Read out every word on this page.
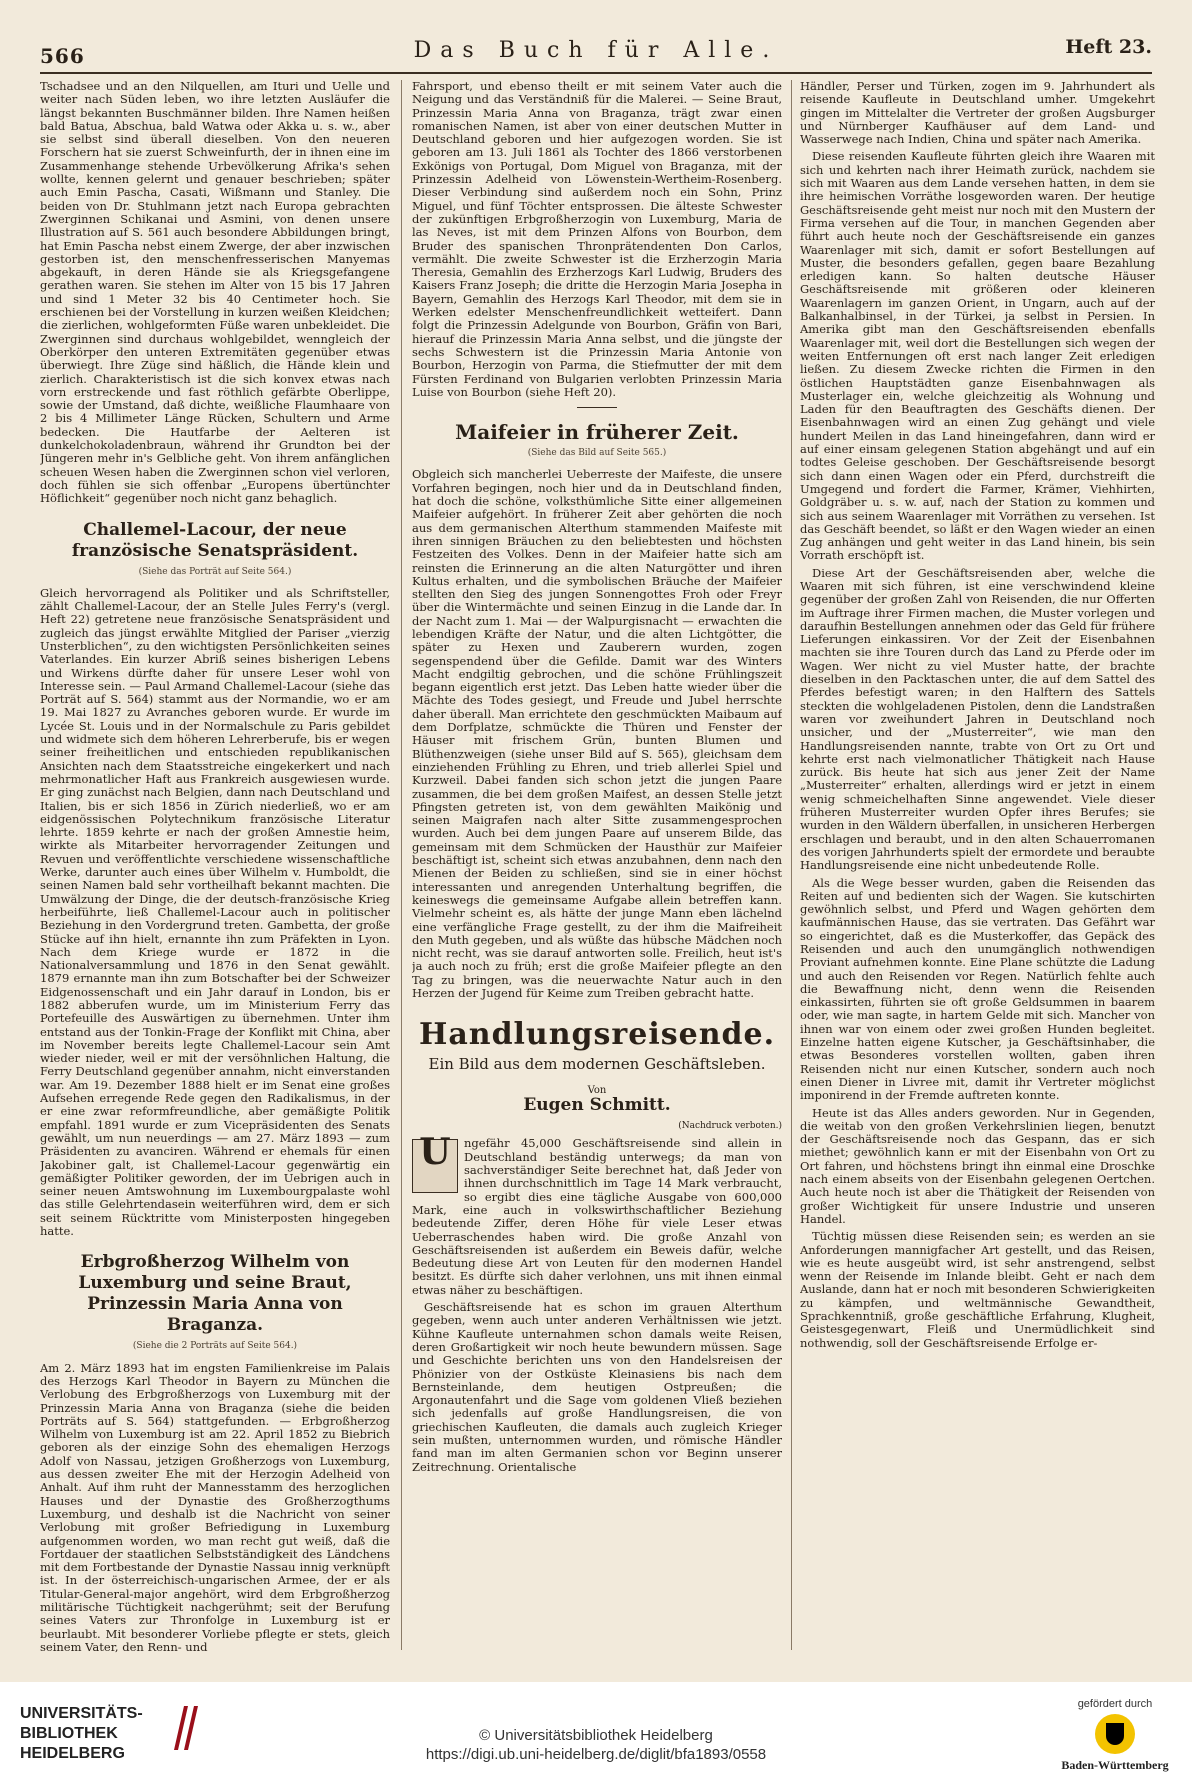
566	Das Buch für Alle.	Heft 23.

Tschadsee und an den Nilquellen, am Ituri und Uelle und weiter nach Süden leben, wo ihre letzten Ausläufer die längst bekannten Buschmänner bilden. Ihre Namen heißen bald Batua, Abschua, bald Watwa oder Akka u. s. w., aber sie selbst sind überall dieselben. Von den neueren Forschern hat sie zuerst Schweinfurth, der in ihnen eine im Zusammenhange stehende Urbevölkerung Afrika's sehen wollte, kennen gelernt und genauer beschrieben; später auch Emin Pascha, Casati, Wißmann und Stanley. Die beiden von Dr. Stuhlmann jetzt nach Europa gebrachten Zwerginnen Schikanai und Asmini, von denen unsere Illustration auf S. 561 auch besondere Abbildungen bringt, hat Emin Pascha nebst einem Zwerge, der aber inzwischen gestorben ist, den menschenfresserischen Manyemas abgekauft, in deren Hände sie als Kriegsgefangene gerathen waren. Sie stehen im Alter von 15 bis 17 Jahren und sind 1 Meter 32 bis 40 Centimeter hoch. Sie erschienen bei der Vorstellung in kurzen weißen Kleidchen; die zierlichen, wohlgeformten Füße waren unbekleidet. Die Zwerginnen sind durchaus wohlgebildet, wenngleich der Oberkörper den unteren Extremitäten gegenüber etwas überwiegt. Ihre Züge sind häßlich, die Hände klein und zierlich. Charakteristisch ist die sich konvex etwas nach vorn erstreckende und fast röthlich gefärbte Oberlippe, sowie der Umstand, daß dichte, weißliche Flaumhaare von 2 bis 4 Millimeter Länge Rücken, Schultern und Arme bedecken. Die Hautfarbe der Aelteren ist dunkelchokoladenbraun, während ihr Grundton bei der Jüngeren mehr in's Gelbliche geht. Von ihrem anfänglichen scheuen Wesen haben die Zwerginnen schon viel verloren, doch fühlen sie sich offenbar „Europens übertünchter Höflichkeit“ gegenüber noch nicht ganz behaglich.

Challemel-Lacour, der neue französische Senatspräsident.
(Siehe das Porträt auf Seite 564.)

Gleich hervorragend als Politiker und als Schriftsteller, zählt Challemel-Lacour, der an Stelle Jules Ferry's (vergl. Heft 22) getretene neue französische Senatspräsident und zugleich das jüngst erwählte Mitglied der Pariser „vierzig Unsterblichen“, zu den wichtigsten Persönlichkeiten seines Vaterlandes. Ein kurzer Abriß seines bisherigen Lebens und Wirkens dürfte daher für unsere Leser wohl von Interesse sein. — Paul Armand Challemel-Lacour (siehe das Porträt auf S. 564) stammt aus der Normandie, wo er am 19. Mai 1827 zu Avranches geboren wurde. Er wurde im Lycée St. Louis und in der Normalschule zu Paris gebildet und widmete sich dem höheren Lehrerberufe, bis er wegen seiner freiheitlichen und entschieden republikanischen Ansichten nach dem Staatsstreiche eingekerkert und nach mehrmonatlicher Haft aus Frankreich ausgewiesen wurde. Er ging zunächst nach Belgien, dann nach Deutschland und Italien, bis er sich 1856 in Zürich niederließ, wo er am eidgenössischen Polytechnikum französische Literatur lehrte. 1859 kehrte er nach der großen Amnestie heim, wirkte als Mitarbeiter hervorragender Zeitungen und Revuen und veröffentlichte verschiedene wissenschaftliche Werke, darunter auch eines über Wilhelm v. Humboldt, die seinen Namen bald sehr vortheilhaft bekannt machten. Die Umwälzung der Dinge, die der deutsch-französische Krieg herbeiführte, ließ Challemel-Lacour auch in politischer Beziehung in den Vordergrund treten. Gambetta, der große Stücke auf ihn hielt, ernannte ihn zum Präfekten in Lyon. Nach dem Kriege wurde er 1872 in die Nationalversammlung und 1876 in den Senat gewählt. 1879 ernannte man ihn zum Botschafter bei der Schweizer Eidgenossenschaft und ein Jahr darauf in London, bis er 1882 abberufen wurde, um im Ministerium Ferry das Portefeuille des Auswärtigen zu übernehmen. Unter ihm entstand aus der Tonkin-Frage der Konflikt mit China, aber im November bereits legte Challemel-Lacour sein Amt wieder nieder, weil er mit der versöhnlichen Haltung, die Ferry Deutschland gegenüber annahm, nicht einverstanden war. Am 19. Dezember 1888 hielt er im Senat eine großes Aufsehen erregende Rede gegen den Radikalismus, in der er eine zwar reformfreundliche, aber gemäßigte Politik empfahl. 1891 wurde er zum Vicepräsidenten des Senats gewählt, um nun neuerdings — am 27. März 1893 — zum Präsidenten zu avanciren. Während er ehemals für einen Jakobiner galt, ist Challemel-Lacour gegenwärtig ein gemäßigter Politiker geworden, der im Uebrigen auch in seiner neuen Amtswohnung im Luxembourgpalaste wohl das stille Gelehrtendasein weiterführen wird, dem er sich seit seinem Rücktritte vom Ministerposten hingegeben hatte.

Erbgroßherzog Wilhelm von Luxemburg und seine Braut, Prinzessin Maria Anna von Braganza.
(Siehe die 2 Porträts auf Seite 564.)

Am 2. März 1893 hat im engsten Familienkreise im Palais des Herzogs Karl Theodor in Bayern zu München die Verlobung des Erbgroßherzogs von Luxemburg mit der Prinzessin Maria Anna von Braganza (siehe die beiden Porträts auf S. 564) stattgefunden. — Erbgroßherzog Wilhelm von Luxemburg ist am 22. April 1852 zu Biebrich geboren als der einzige Sohn des ehemaligen Herzogs Adolf von Nassau, jetzigen Großherzogs von Luxemburg, aus dessen zweiter Ehe mit der Herzogin Adelheid von Anhalt. Auf ihm ruht der Mannesstamm des herzoglichen Hauses und der Dynastie des Großherzogthums Luxemburg, und deshalb ist die Nachricht von seiner Verlobung mit großer Befriedigung in Luxemburg aufgenommen worden, wo man recht gut weiß, daß die Fortdauer der staatlichen Selbstständigkeit des Ländchens mit dem Fortbestande der Dynastie Nassau innig verknüpft ist. In der österreichisch-ungarischen Armee, der er als Titular-General-major angehört, wird dem Erbgroßherzog militärische Tüchtigkeit nachgerühmt; seit der Berufung seines Vaters zur Thronfolge in Luxemburg ist er beurlaubt. Mit besonderer Vorliebe pflegte er stets, gleich seinem Vater, den Renn- und

Fahrsport, und ebenso theilt er mit seinem Vater auch die Neigung und das Verständniß für die Malerei. — Seine Braut, Prinzessin Maria Anna von Braganza, trägt zwar einen romanischen Namen, ist aber von einer deutschen Mutter in Deutschland geboren und hier aufgezogen worden. Sie ist geboren am 13. Juli 1861 als Tochter des 1866 verstorbenen Exkönigs von Portugal, Dom Miguel von Braganza, mit der Prinzessin Adelheid von Löwenstein-Wertheim-Rosenberg. Dieser Verbindung sind außerdem noch ein Sohn, Prinz Miguel, und fünf Töchter entsprossen. Die älteste Schwester der zukünftigen Erbgroßherzogin von Luxemburg, Maria de las Neves, ist mit dem Prinzen Alfons von Bourbon, dem Bruder des spanischen Thronprätendenten Don Carlos, vermählt. Die zweite Schwester ist die Erzherzogin Maria Theresia, Gemahlin des Erzherzogs Karl Ludwig, Bruders des Kaisers Franz Joseph; die dritte die Herzogin Maria Josepha in Bayern, Gemahlin des Herzogs Karl Theodor, mit dem sie in Werken edelster Menschenfreundlichkeit wetteifert. Dann folgt die Prinzessin Adelgunde von Bourbon, Gräfin von Bari, hierauf die Prinzessin Maria Anna selbst, und die jüngste der sechs Schwestern ist die Prinzessin Maria Antonie von Bourbon, Herzogin von Parma, die Stiefmutter der mit dem Fürsten Ferdinand von Bulgarien verlobten Prinzessin Maria Luise von Bourbon (siehe Heft 20).

Maifeier in früherer Zeit.
(Siehe das Bild auf Seite 565.)

Obgleich sich mancherlei Ueberreste der Maifeste, die unsere Vorfahren begingen, noch hier und da in Deutschland finden, hat doch die schöne, volksthümliche Sitte einer allgemeinen Maifeier aufgehört. In früherer Zeit aber gehörten die noch aus dem germanischen Alterthum stammenden Maifeste mit ihren sinnigen Bräuchen zu den beliebtesten und höchsten Festzeiten des Volkes. Denn in der Maifeier hatte sich am reinsten die Erinnerung an die alten Naturgötter und ihren Kultus erhalten, und die symbolischen Bräuche der Maifeier stellten den Sieg des jungen Sonnengottes Froh oder Freyr über die Wintermächte und seinen Einzug in die Lande dar. In der Nacht zum 1. Mai — der Walpurgisnacht — erwachten die lebendigen Kräfte der Natur, und die alten Lichtgötter, die später zu Hexen und Zauberern wurden, zogen segenspendend über die Gefilde. Damit war des Winters Macht endgiltig gebrochen, und die schöne Frühlingszeit begann eigentlich erst jetzt. Das Leben hatte wieder über die Mächte des Todes gesiegt, und Freude und Jubel herrschte daher überall. Man errichtete den geschmückten Maibaum auf dem Dorfplatze, schmückte die Thüren und Fenster der Häuser mit frischem Grün, bunten Blumen und Blüthenzweigen (siehe unser Bild auf S. 565), gleichsam dem einziehenden Frühling zu Ehren, und trieb allerlei Spiel und Kurzweil. Dabei fanden sich schon jetzt die jungen Paare zusammen, die bei dem großen Maifest, an dessen Stelle jetzt Pfingsten getreten ist, von dem gewählten Maikönig und seinen Maigrafen nach alter Sitte zusammengesprochen wurden. Auch bei dem jungen Paare auf unserem Bilde, das gemeinsam mit dem Schmücken der Hausthür zur Maifeier beschäftigt ist, scheint sich etwas anzubahnen, denn nach den Mienen der Beiden zu schließen, sind sie in einer höchst interessanten und anregenden Unterhaltung begriffen, die keineswegs die gemeinsame Aufgabe allein betreffen kann. Vielmehr scheint es, als hätte der junge Mann eben lächelnd eine verfängliche Frage gestellt, zu der ihm die Maifreiheit den Muth gegeben, und als wüßte das hübsche Mädchen noch nicht recht, was sie darauf antworten solle. Freilich, heut ist's ja auch noch zu früh; erst die große Maifeier pflegte an den Tag zu bringen, was die neuerwachte Natur auch in den Herzen der Jugend für Keime zum Treiben gebracht hatte.

Handlungsreisende.
Ein Bild aus dem modernen Geschäftsleben.
Von
Eugen Schmitt.
(Nachdruck verboten.)
U	ngefähr 45,000 Geschäftsreisende sind allein in Deutschland beständig unterwegs; da man von sachverständiger Seite berechnet hat, daß Jeder von ihnen durchschnittlich im Tage 14 Mark verbraucht, so ergibt dies eine tägliche Ausgabe von 600,000 Mark, eine auch in volkswirthschaftlicher Beziehung bedeutende Ziffer, deren Höhe für viele Leser etwas Ueberraschendes haben wird. Die große Anzahl von Geschäftsreisenden ist außerdem ein Beweis dafür, welche Bedeutung diese Art von Leuten für den modernen Handel besitzt. Es dürfte sich daher verlohnen, uns mit ihnen einmal etwas näher zu beschäftigen.

Geschäftsreisende hat es schon im grauen Alterthum gegeben, wenn auch unter anderen Verhältnissen wie jetzt. Kühne Kaufleute unternahmen schon damals weite Reisen, deren Großartigkeit wir noch heute bewundern müssen. Sage und Geschichte berichten uns von den Handelsreisen der Phönizier von der Ostküste Kleinasiens bis nach dem Bernsteinlande, dem heutigen Ostpreußen; die Argonautenfahrt und die Sage vom goldenen Vließ beziehen sich jedenfalls auf große Handlungsreisen, die von griechischen Kaufleuten, die damals auch zugleich Krieger sein mußten, unternommen wurden, und römische Händler fand man im alten Germanien schon vor Beginn unserer Zeitrechnung. Orientalische

Händler, Perser und Türken, zogen im 9. Jahrhundert als reisende Kaufleute in Deutschland umher. Umgekehrt gingen im Mittelalter die Vertreter der großen Augsburger und Nürnberger Kaufhäuser auf dem Land- und Wasserwege nach Indien, China und später nach Amerika.

Diese reisenden Kaufleute führten gleich ihre Waaren mit sich und kehrten nach ihrer Heimath zurück, nachdem sie sich mit Waaren aus dem Lande versehen hatten, in dem sie ihre heimischen Vorräthe losgeworden waren. Der heutige Geschäftsreisende geht meist nur noch mit den Mustern der Firma versehen auf die Tour, in manchen Gegenden aber führt auch heute noch der Geschäftsreisende ein ganzes Waarenlager mit sich, damit er sofort Bestellungen auf Muster, die besonders gefallen, gegen baare Bezahlung erledigen kann. So halten deutsche Häuser Geschäftsreisende mit größeren oder kleineren Waarenlagern im ganzen Orient, in Ungarn, auch auf der Balkanhalbinsel, in der Türkei, ja selbst in Persien. In Amerika gibt man den Geschäftsreisenden ebenfalls Waarenlager mit, weil dort die Bestellungen sich wegen der weiten Entfernungen oft erst nach langer Zeit erledigen ließen. Zu diesem Zwecke richten die Firmen in den östlichen Hauptstädten ganze Eisenbahnwagen als Musterlager ein, welche gleichzeitig als Wohnung und Laden für den Beauftragten des Geschäfts dienen. Der Eisenbahnwagen wird an einen Zug gehängt und viele hundert Meilen in das Land hineingefahren, dann wird er auf einer einsam gelegenen Station abgehängt und auf ein todtes Geleise geschoben. Der Geschäftsreisende besorgt sich dann einen Wagen oder ein Pferd, durchstreift die Umgegend und fordert die Farmer, Krämer, Viehhirten, Goldgräber u. s. w. auf, nach der Station zu kommen und sich aus seinem Waarenlager mit Vorräthen zu versehen. Ist das Geschäft beendet, so läßt er den Wagen wieder an einen Zug anhängen und geht weiter in das Land hinein, bis sein Vorrath erschöpft ist.

Diese Art der Geschäftsreisenden aber, welche die Waaren mit sich führen, ist eine verschwindend kleine gegenüber der großen Zahl von Reisenden, die nur Offerten im Auftrage ihrer Firmen machen, die Muster vorlegen und daraufhin Bestellungen annehmen oder das Geld für frühere Lieferungen einkassiren. Vor der Zeit der Eisenbahnen machten sie ihre Touren durch das Land zu Pferde oder im Wagen. Wer nicht zu viel Muster hatte, der brachte dieselben in den Packtaschen unter, die auf dem Sattel des Pferdes befestigt waren; in den Halftern des Sattels steckten die wohlgeladenen Pistolen, denn die Landstraßen waren vor zweihundert Jahren in Deutschland noch unsicher, und der „Musterreiter“, wie man den Handlungsreisenden nannte, trabte von Ort zu Ort und kehrte erst nach vielmonatlicher Thätigkeit nach Hause zurück. Bis heute hat sich aus jener Zeit der Name „Musterreiter“ erhalten, allerdings wird er jetzt in einem wenig schmeichelhaften Sinne angewendet. Viele dieser früheren Musterreiter wurden Opfer ihres Berufes; sie wurden in den Wäldern überfallen, in unsicheren Herbergen erschlagen und beraubt, und in den alten Schauerromanen des vorigen Jahrhunderts spielt der ermordete und beraubte Handlungsreisende eine nicht unbedeutende Rolle.

Als die Wege besser wurden, gaben die Reisenden das Reiten auf und bedienten sich der Wagen. Sie kutschirten gewöhnlich selbst, und Pferd und Wagen gehörten dem kaufmännischen Hause, das sie vertraten. Das Gefährt war so eingerichtet, daß es die Musterkoffer, das Gepäck des Reisenden und auch den unumgänglich nothwendigen Proviant aufnehmen konnte. Eine Plane schützte die Ladung und auch den Reisenden vor Regen. Natürlich fehlte auch die Bewaffnung nicht, denn wenn die Reisenden einkassirten, führten sie oft große Geldsummen in baarem oder, wie man sagte, in hartem Gelde mit sich. Mancher von ihnen war von einem oder zwei großen Hunden begleitet. Einzelne hatten eigene Kutscher, ja Geschäftsinhaber, die etwas Besonderes vorstellen wollten, gaben ihren Reisenden nicht nur einen Kutscher, sondern auch noch einen Diener in Livree mit, damit ihr Vertreter möglichst imponirend in der Fremde auftreten konnte.

Heute ist das Alles anders geworden. Nur in Gegenden, die weitab von den großen Verkehrslinien liegen, benutzt der Geschäftsreisende noch das Gespann, das er sich miethet; gewöhnlich kann er mit der Eisenbahn von Ort zu Ort fahren, und höchstens bringt ihn einmal eine Droschke nach einem abseits von der Eisenbahn gelegenen Oertchen. Auch heute noch ist aber die Thätigkeit der Reisenden von großer Wichtigkeit für unsere Industrie und unseren Handel.

Tüchtig müssen diese Reisenden sein; es werden an sie Anforderungen mannigfacher Art gestellt, und das Reisen, wie es heute ausgeübt wird, ist sehr anstrengend, selbst wenn der Reisende im Inlande bleibt. Geht er nach dem Auslande, dann hat er noch mit besonderen Schwierigkeiten zu kämpfen, und weltmännische Gewandtheit, Sprachkenntniß, große geschäftliche Erfahrung, Klugheit, Geistesgegenwart, Fleiß und Unermüdlichkeit sind nothwendig, soll der Geschäftsreisende Erfolge er-

UNIVERSITÄTS-
BIBLIOTHEK
HEIDELBERG
© Universitätsbibliothek Heidelberg
https://digi.ub.uni-heidelberg.de/diglit/bfa1893/0558
gefördert durch
Baden-Württemberg
